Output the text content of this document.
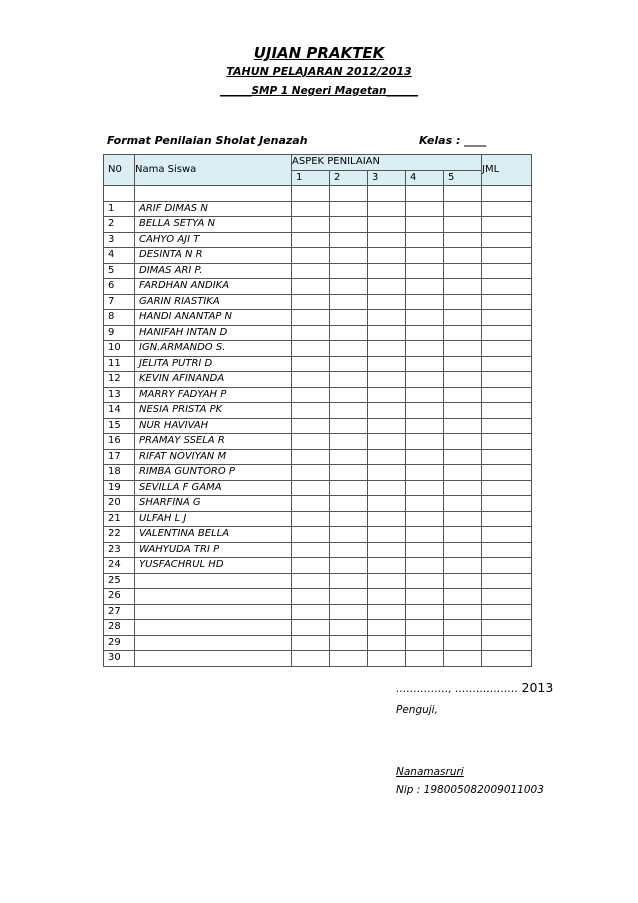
UJIAN PRAKTEK
TAHUN PELAJARAN 2012/2013
______SMP 1 Negeri Magetan______
Format Penilaian Sholat Jenazah	Kelas : ____
N0	Nama Siswa	ASPEK PENILAIAN					JML
		1	2	3	4	5	

1	ARIF DIMAS N						
2	BELLA SETYA N						
3	CAHYO AJI T						
4	DESINTA N R						
5	DIMAS ARI P.						
6	FARDHAN ANDIKA						
7	GARIN RIASTIKA						
8	HANDI ANANTAP N						
9	HANIFAH INTAN D						
10	IGN.ARMANDO S.						
11	JELITA PUTRI D						
12	KEVIN AFINANDA						
13	MARRY FADYAH P						
14	NESIA PRISTA PK						
15	NUR HAVIVAH						
16	PRAMAY SSELA R						
17	RIFAT NOVIYAN M						
18	RIMBA GUNTORO P						
19	SEVILLA F GAMA						
20	SHARFINA G						
21	ULFAH L J						
22	VALENTINA BELLA						
23	WAHYUDA TRI P						
24	YUSFACHRUL HD						
25							
26							
27							
28							
29							
30							
……………, ……………… 2013
Penguji,
Nanamasruri
Nip : 198005082009011003
